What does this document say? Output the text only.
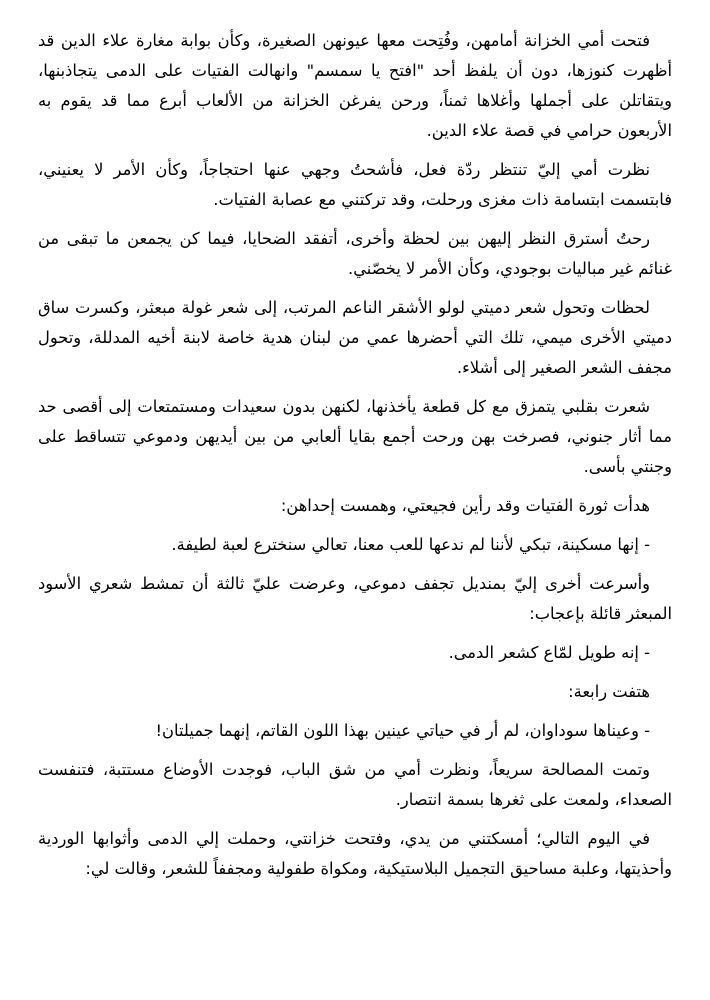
فتحت أمي الخزانة أمامهن، وفُتِحت معها عيونهن الصغيرة، وكأن بوابة مغارة علاء الدين قد أظهرت كنوزها، دون أن يلفظ أحد "افتح يا سمسم" وانهالت الفتيات على الدمى يتجاذبنها، ويتقاتلن على أجملها وأغلاها ثمناً، ورحن يفرغن الخزانة من الألعاب أبرع مما قد يقوم به الأربعون حرامي في قصة علاء الدين.

نظرت أمي إليّ تنتظر ردّة فعل، فأشحتُ وجهي عنها احتجاجاً، وكأن الأمر لا يعنيني، فابتسمت ابتسامة ذات مغزى ورحلت، وقد تركتني مع عصابة الفتيات.

رحتُ أسترق النظر إليهن بين لحظة وأخرى، أتفقد الضحايا، فيما كن يجمعن ما تبقى من غنائم غير مباليات بوجودي، وكأن الأمر لا يخصّني.

لحظات وتحول شعر دميتي لولو الأشقر الناعم المرتب، إلى شعر غولة مبعثر، وكسرت ساق دميتي الأخرى ميمي، تلك التي أحضرها عمي من لبنان هدية خاصة لابنة أخيه المدللة، وتحول مجفف الشعر الصغير إلى أشلاء.

شعرت بقلبي يتمزق مع كل قطعة يأخذنها، لكنهن بدون سعيدات ومستمتعات إلى أقصى حد مما أثار جنوني، فصرخت بهن ورحت أجمع بقايا ألعابي من بين أيديهن ودموعي تتساقط على وجنتي بأسى.

هدأت ثورة الفتيات وقد رأين فجيعتي، وهمست إحداهن:

- إنها مسكينة، تبكي لأننا لم ندعها للعب معنا، تعالي سنخترع لعبة لطيفة.

وأسرعت أخرى إليّ بمنديل تجفف دموعي، وعرضت عليّ ثالثة أن تمشط شعري الأسود المبعثر قائلة بإعجاب:

- إنه طويل لمّاع كشعر الدمى.

هتفت رابعة:

- وعيناها سوداوان، لم أر في حياتي عينين بهذا اللون القاتم، إنهما جميلتان!

وتمت المصالحة سريعاً، ونظرت أمي من شق الباب، فوجدت الأوضاع مستتبة، فتنفست الصعداء، ولمعت على ثغرها بسمة انتصار.

في اليوم التالي؛ أمسكتني من يدي، وفتحت خزانتي، وحملت إلي الدمى وأثوابها الوردية وأحذيتها، وعلبة مساحيق التجميل البلاستيكية، ومكواة طفولية ومجففاً للشعر، وقالت لي:
